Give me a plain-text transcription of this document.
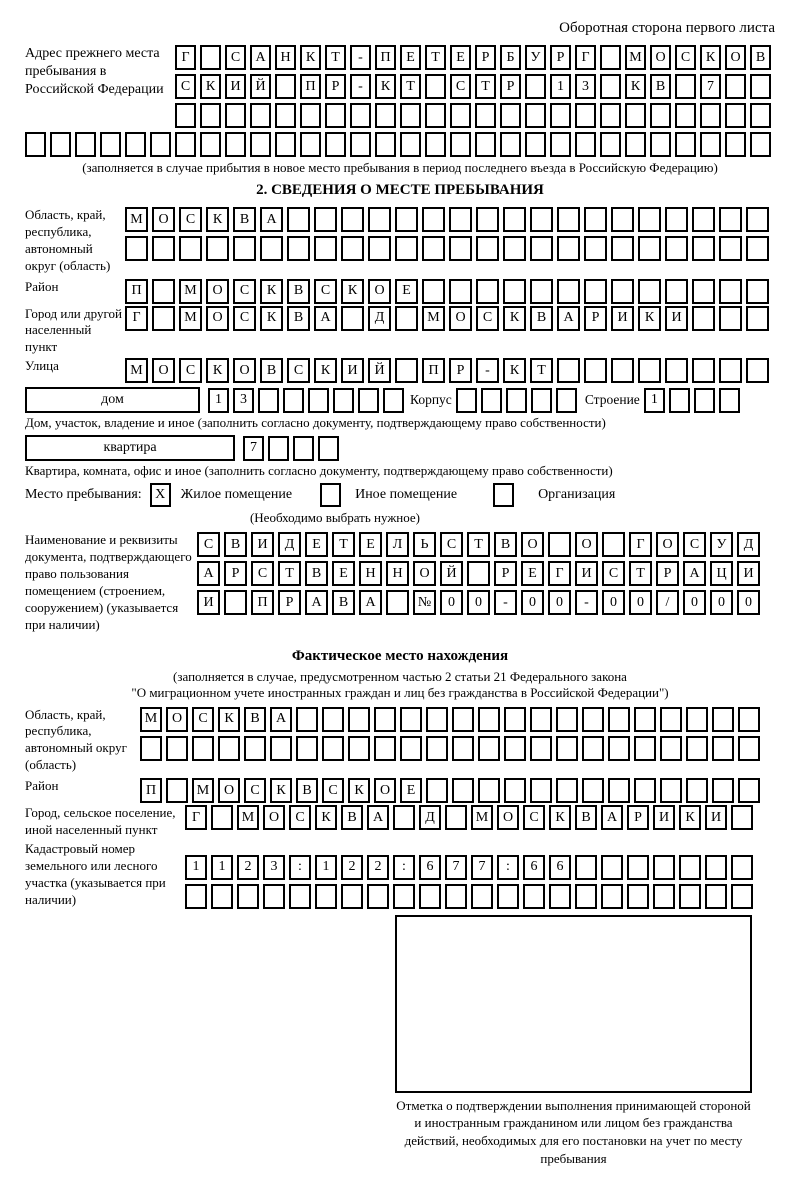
Оборотная сторона первого листа
Адрес прежнего места пребывания в Российской Федерации
Г	С	А	Н	К	Т	-	П	Е	Т	Е	Р	Б	У	Р	Г	М О	С	К	О	В
С	К	И	Й	П	Р	-	К	Т	С	Т	Р	1	3	К	В	7
(заполняется в случае прибытия в новое место пребывания в период последнего въезда в Российскую Федерацию)
2. СВЕДЕНИЯ О МЕСТЕ ПРЕБЫВАНИЯ
Область, край, республика, автономный округ (область)
М	О	С	К	В	А
Район	П	М	О	С	К	В	С	К	О	Е
Город или другой населенный пункт
Г	М	О	С	К	В	А	Д	М	О	С	К	В	А	Р	И	К	И
Улица	М	О	С	К	О	В	С	К	И	Й	П	Р	-	К	Т
дом	1	3	Корпус	Строение 1
Дом, участок, владение и иное (заполнить согласно документу, подтверждающему право собственности)
квартира	7
Квартира, комната, офис и иное (заполнить согласно документу, подтверждающему право собственности)
Место пребывания: X	Жилое помещение	Иное помещение	Организация
(Необходимо выбрать нужное)
Наименование и реквизиты документа, подтверждающего право пользования помещением (строением, сооружением) (указывается при наличии)
С	В	И	Д	Е	Т	Е	Л	Ь	С	Т	В	О	О	Г	О	С	У	Д
А	Р	С	Т	В	Е	Н	Н	О	Й	Р	Е	Г	И	С	Т	Р	А	Ц	И
И	П	Р	А	В	А	№	0	0	-	0	0	-	0	0	/	0	0	0
Фактическое место нахождения
(заполняется в случае, предусмотренном частью 2 статьи 21 Федерального закона
"О миграционном учете иностранных граждан и лиц без гражданства в Российской Федерации")
Область, край, республика, автономный округ (область)
М	О	С	К	В	А
Район	П	М	О	С	К	В	С	К	О	Е
Город, сельское поселение, иной населенный пункт
Г	М	О	С	К	В	А	Д	М	О	С	К	В	А	Р	И	К	И
Кадастровый номер земельного или лесного участка (указывается при наличии)
1	1	2	3	:	1	2	2	:	6	7	7	:	6	6
Отметка о подтверждении выполнения принимающей стороной и иностранным гражданином или лицом без гражданства действий, необходимых для его постановки на учет по месту пребывания
